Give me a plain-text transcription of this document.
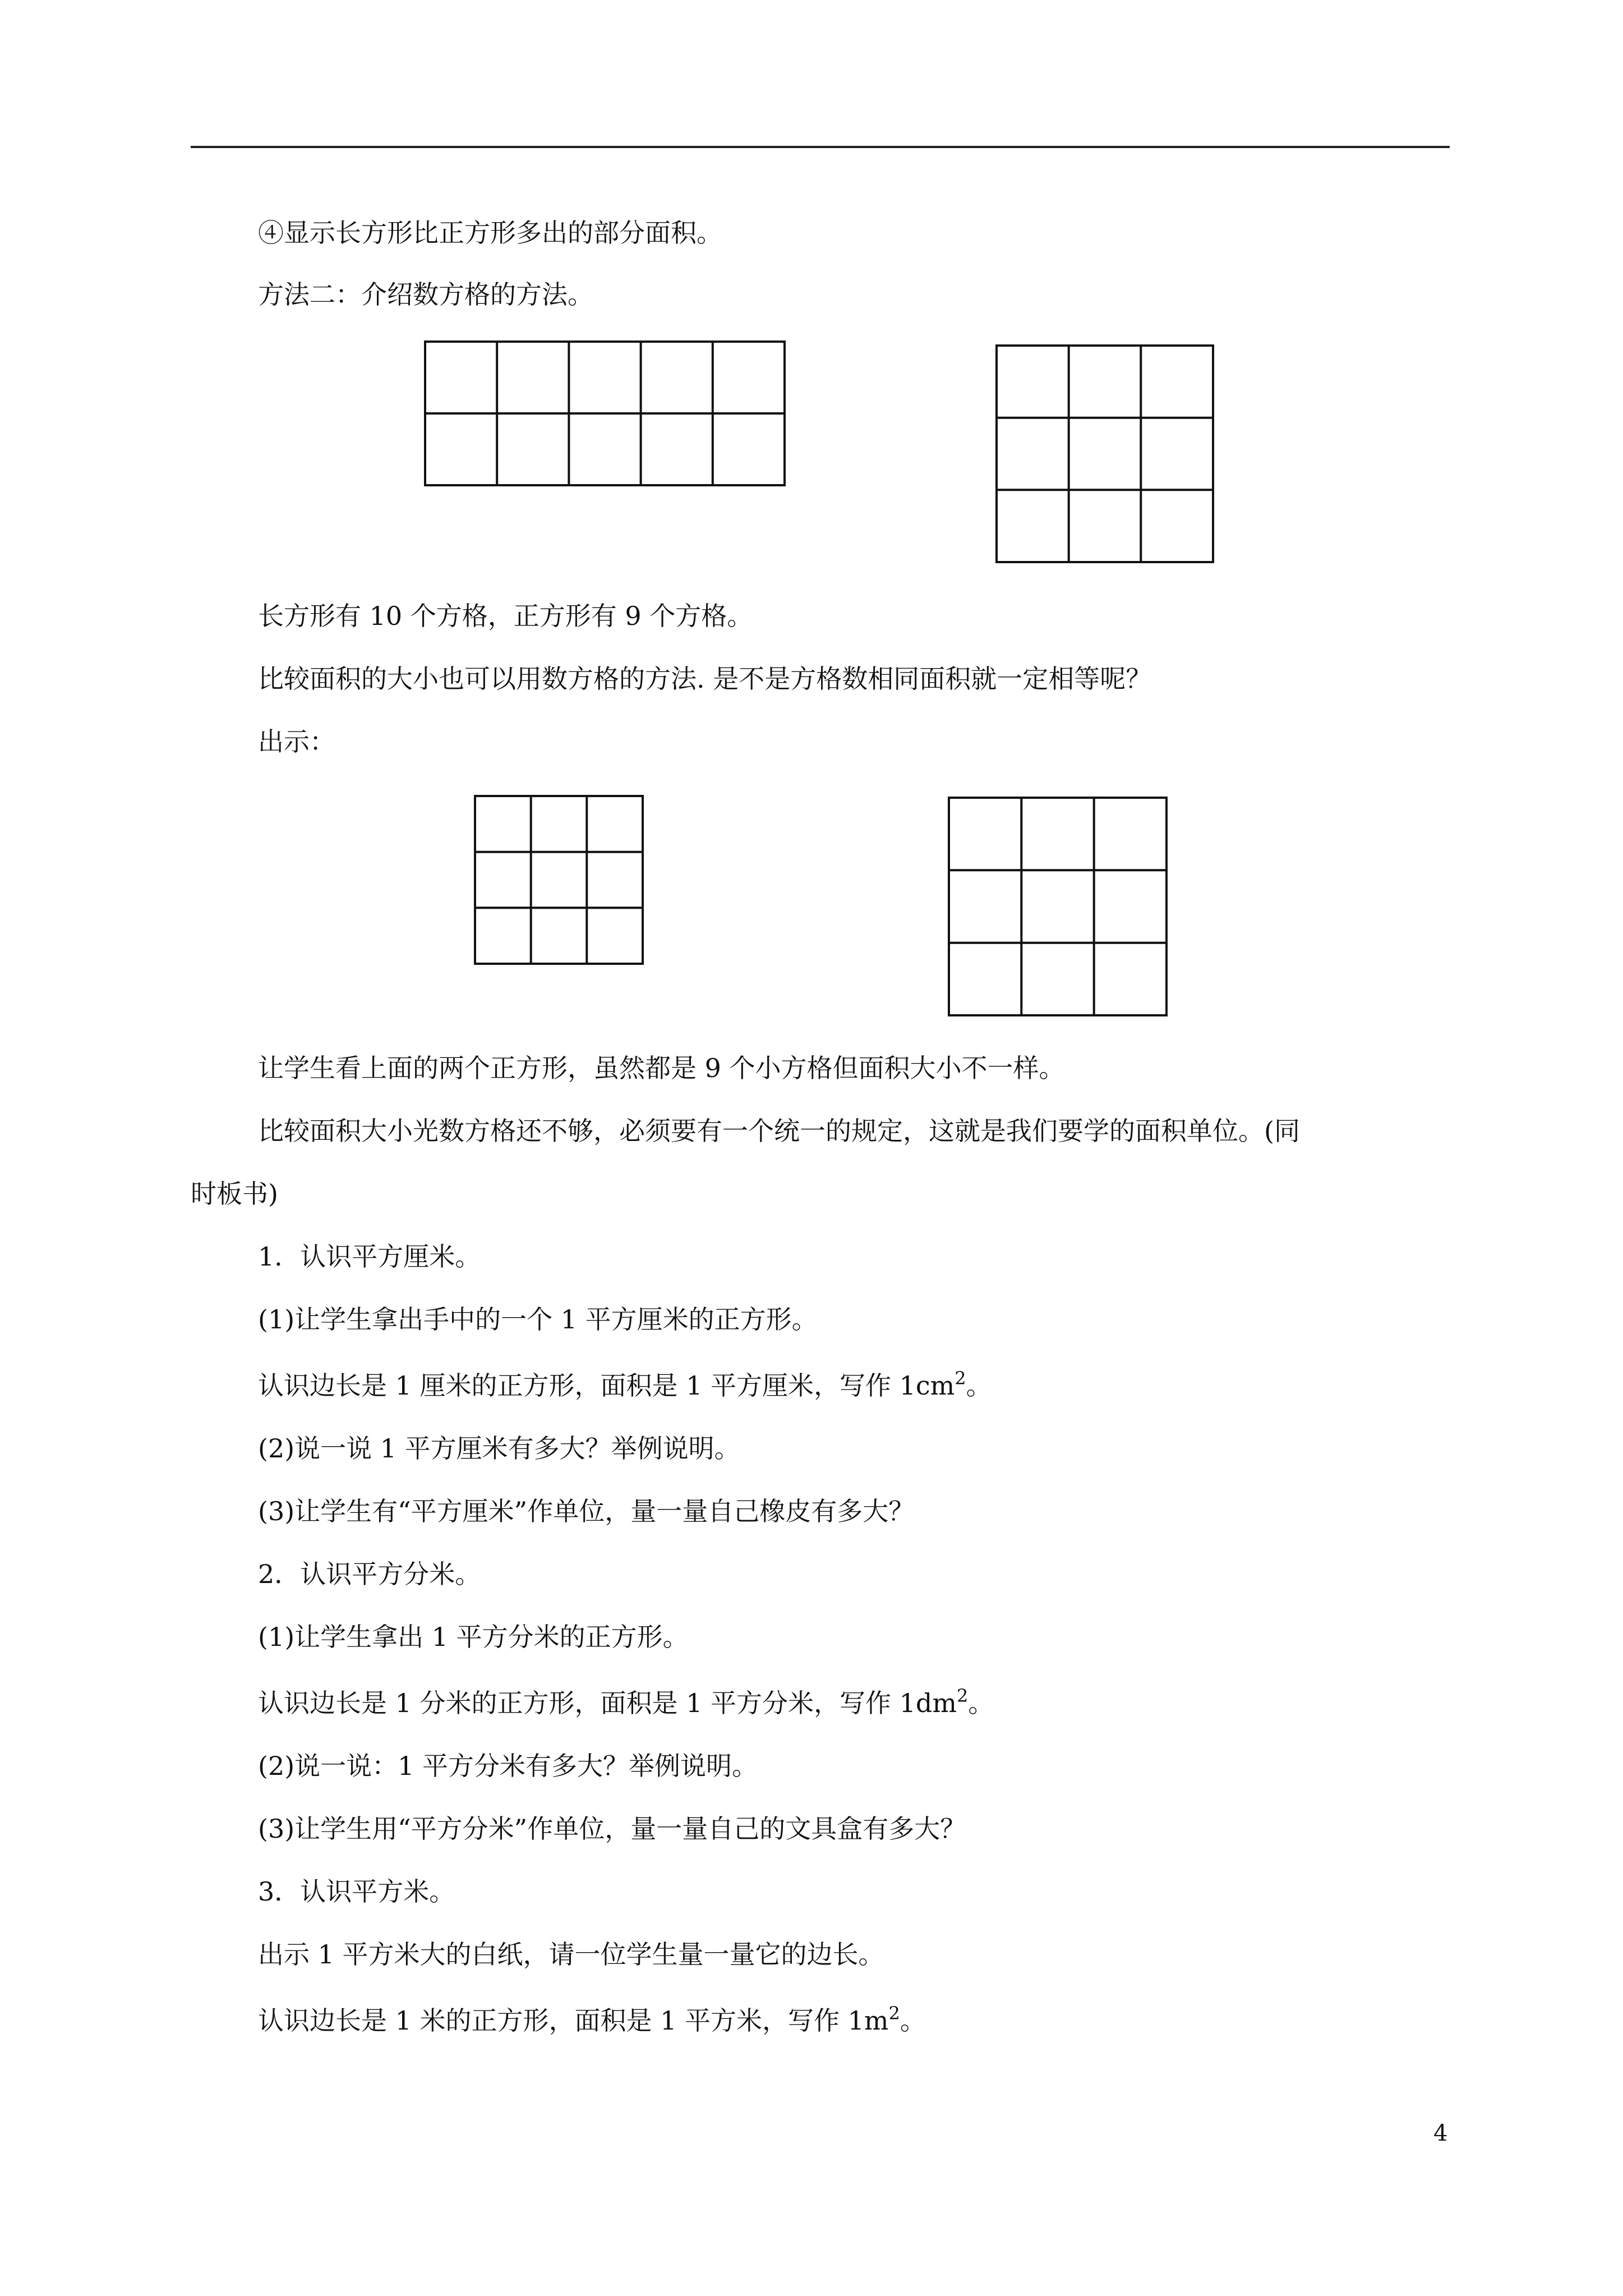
④显示长方形比正方形多出的部分面积。
方法二：介绍数方格的方法。
长方形有 10 个方格，正方形有 9 个方格。
比较面积的大小也可以用数方格的方法. 是不是方格数相同面积就一定相等呢？
出示：
让学生看上面的两个正方形，虽然都是 9 个小方格但面积大小不一样。
比较面积大小光数方格还不够，必须要有一个统一的规定，这就是我们要学的面积单位。(同
时板书)
1．认识平方厘米。
(1)让学生拿出手中的一个 1 平方厘米的正方形。
认识边长是 1 厘米的正方形，面积是 1 平方厘米，写作 $1cm^2$。
(2)说一说 1 平方厘米有多大？举例说明。
(3)让学生有“平方厘米”作单位，量一量自己橡皮有多大？
2．认识平方分米。
(1)让学生拿出 1 平方分米的正方形。
认识边长是 1 分米的正方形，面积是 1 平方分米，写作 $1dm^2$。
(2)说一说：1 平方分米有多大？举例说明。
(3)让学生用“平方分米”作单位，量一量自己的文具盒有多大？
3．认识平方米。
出示 1 平方米大的白纸，请一位学生量一量它的边长。
认识边长是 1 米的正方形，面积是 1 平方米，写作 $1m^2$。
4
